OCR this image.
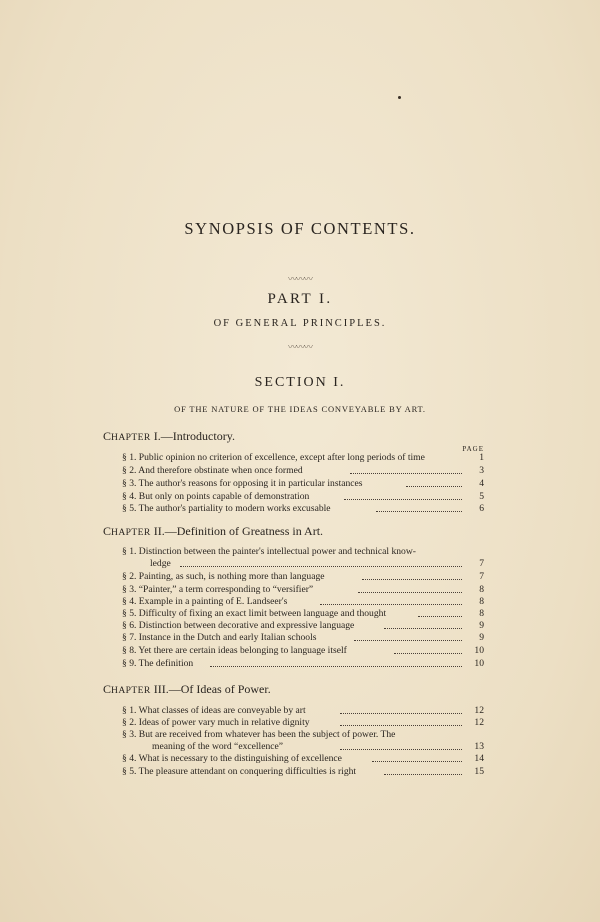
SYNOPSIS OF CONTENTS.
〰〰〰
PART I.
OF GENERAL PRINCIPLES.
〰〰〰
SECTION I.
OF THE NATURE OF THE IDEAS CONVEYABLE BY ART.
CHAPTER I.—Introductory.
PAGE
§ 1. Public opinion no criterion of excellence, except after long periods of time	1
§ 2. And therefore obstinate when once formed	3
§ 3. The author's reasons for opposing it in particular instances	4
§ 4. But only on points capable of demonstration	5
§ 5. The author's partiality to modern works excusable	6
CHAPTER II.—Definition of Greatness in Art.
§ 1. Distinction between the painter's intellectual power and technical know-
ledge	7
§ 2. Painting, as such, is nothing more than language	7
§ 3. “Painter,” a term corresponding to “versifier”	8
§ 4. Example in a painting of E. Landseer's	8
§ 5. Difficulty of fixing an exact limit between language and thought	8
§ 6. Distinction between decorative and expressive language	9
§ 7. Instance in the Dutch and early Italian schools	9
§ 8. Yet there are certain ideas belonging to language itself	10
§ 9. The definition	10
CHAPTER III.—Of Ideas of Power.
§ 1. What classes of ideas are conveyable by art	12
§ 2. Ideas of power vary much in relative dignity	12
§ 3. But are received from whatever has been the subject of power. The
meaning of the word “excellence”	13
§ 4. What is necessary to the distinguishing of excellence	14
§ 5. The pleasure attendant on conquering difficulties is right	15
